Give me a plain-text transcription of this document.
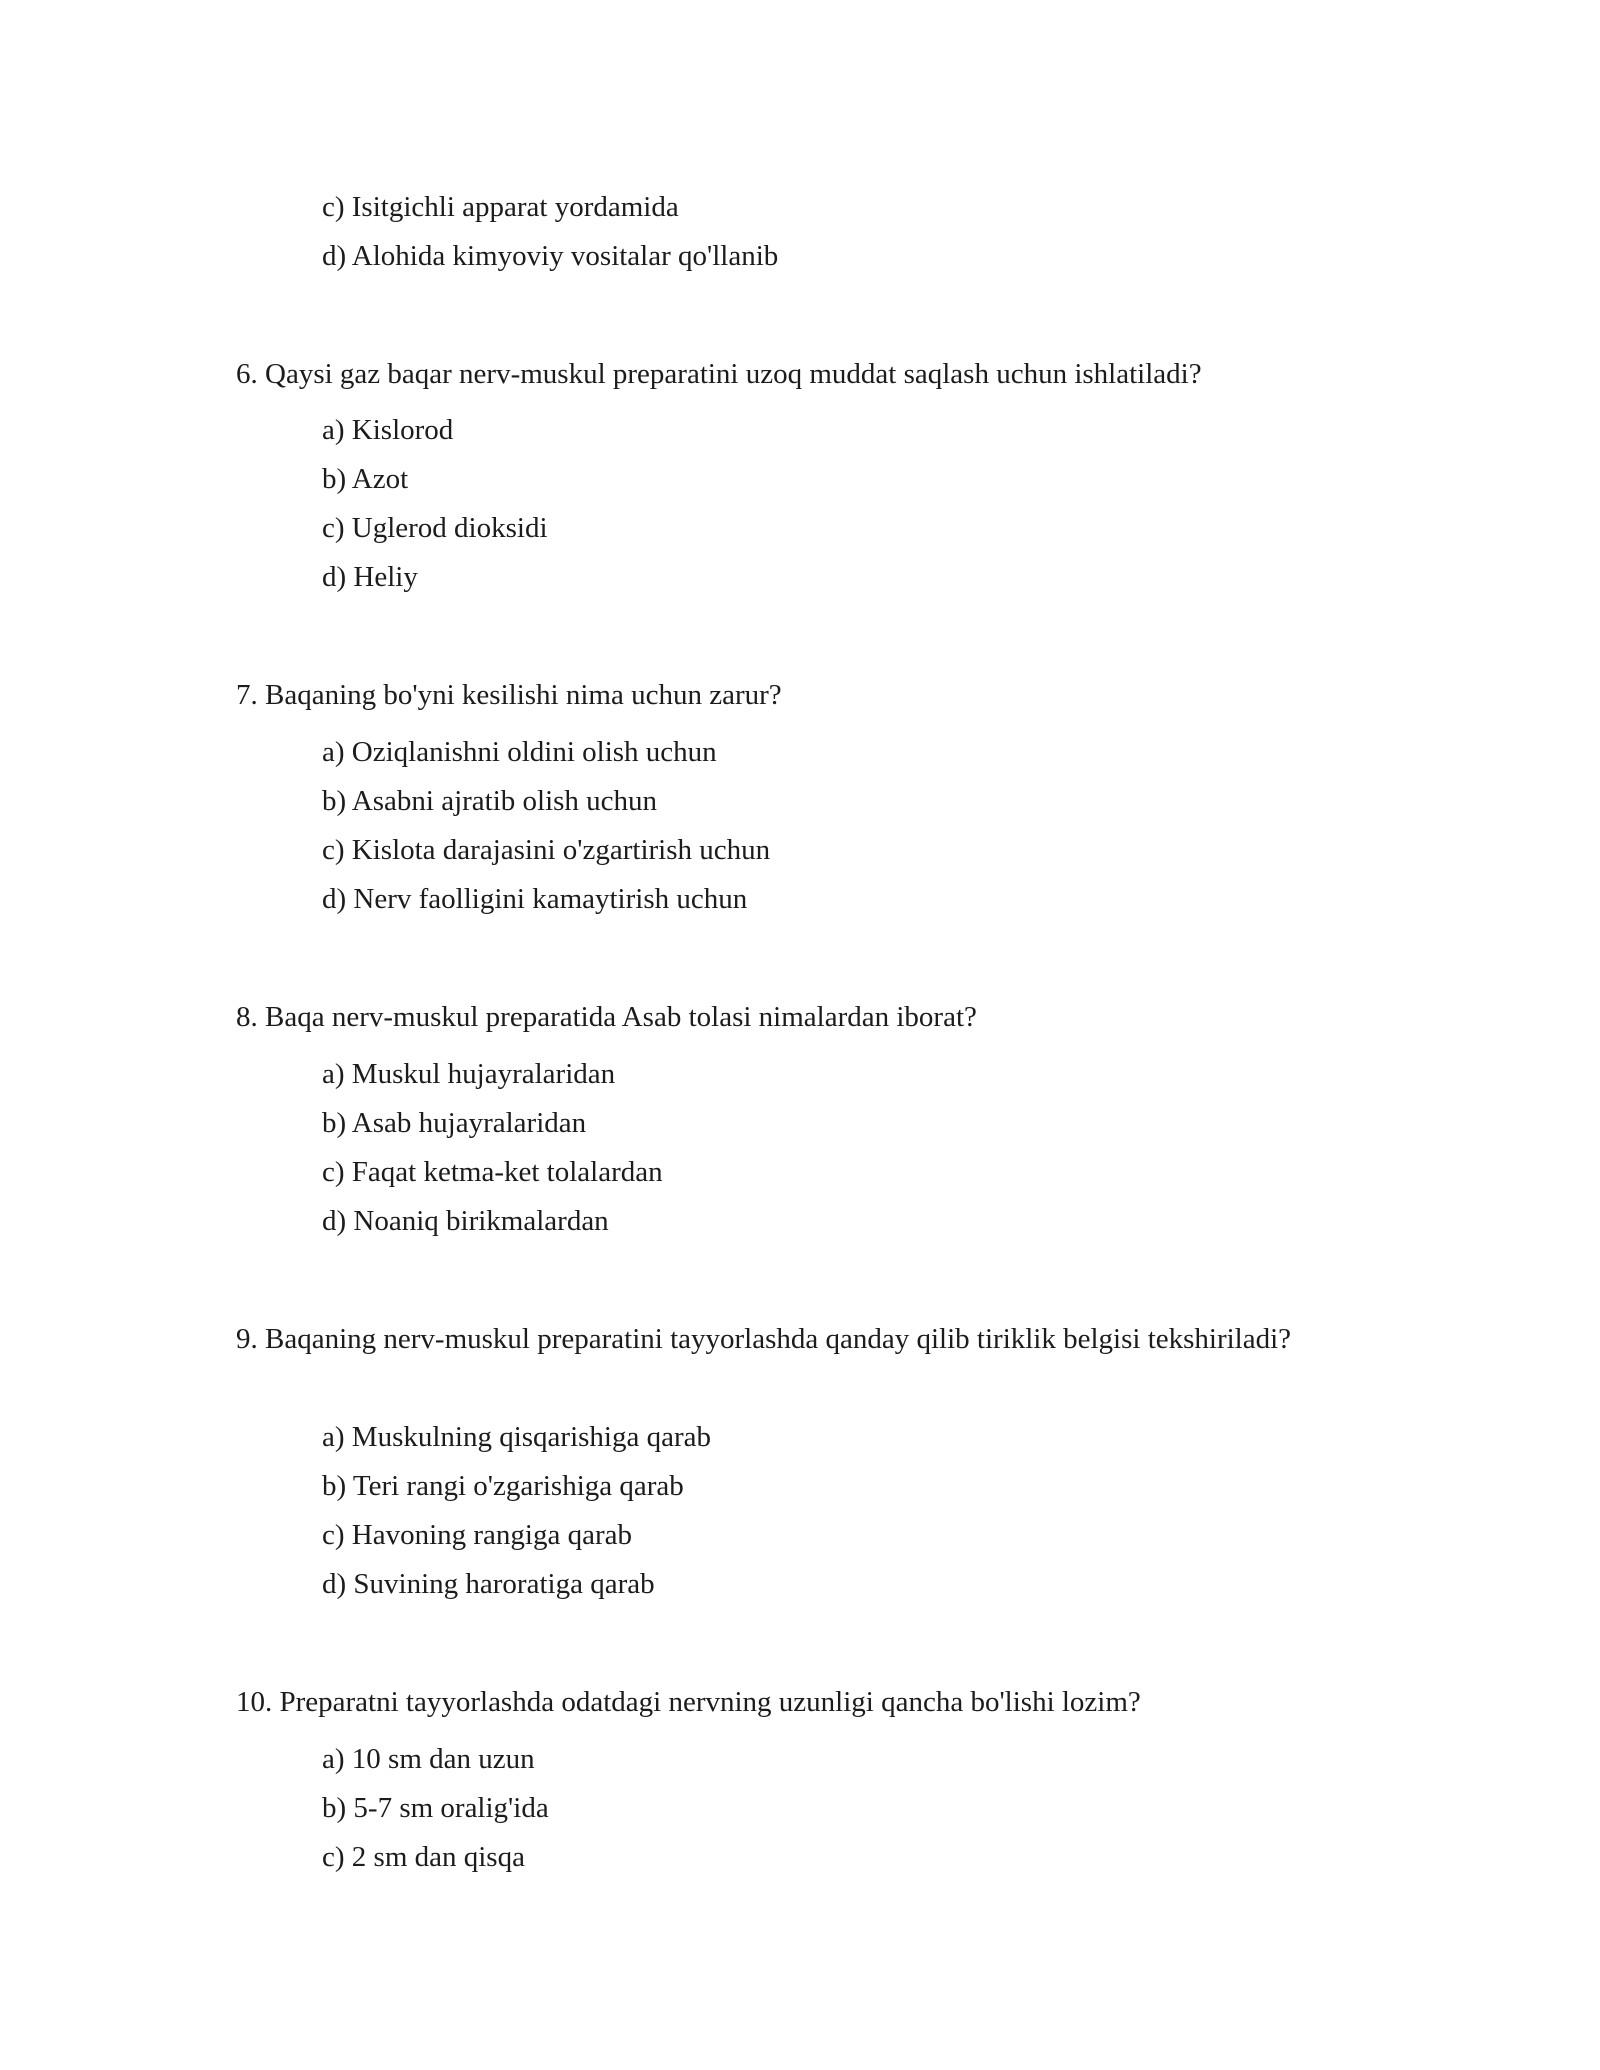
c) Isitgichli apparat yordamida

d) Alohida kimyoviy vositalar qo'llanib

6. Qaysi gaz baqar nerv-muskul preparatini uzoq muddat saqlash uchun ishlatiladi?

a) Kislorod

b) Azot

c) Uglerod dioksidi

d) Heliy

7. Baqaning bo'yni kesilishi nima uchun zarur?

a) Oziqlanishni oldini olish uchun

b) Asabni ajratib olish uchun

c) Kislota darajasini o'zgartirish uchun

d) Nerv faolligini kamaytirish uchun

8. Baqa nerv-muskul preparatida Asab tolasi nimalardan iborat?

a) Muskul hujayralaridan

b) Asab hujayralaridan

c) Faqat ketma-ket tolalardan

d) Noaniq birikmalardan

9. Baqaning nerv-muskul preparatini tayyorlashda qanday qilib tiriklik belgisi tekshiriladi?

a) Muskulning qisqarishiga qarab

b) Teri rangi o'zgarishiga qarab

c) Havoning rangiga qarab

d) Suvining haroratiga qarab

10. Preparatni tayyorlashda odatdagi nervning uzunligi qancha bo'lishi lozim?

a) 10 sm dan uzun

b) 5-7 sm oralig'ida

c) 2 sm dan qisqa
